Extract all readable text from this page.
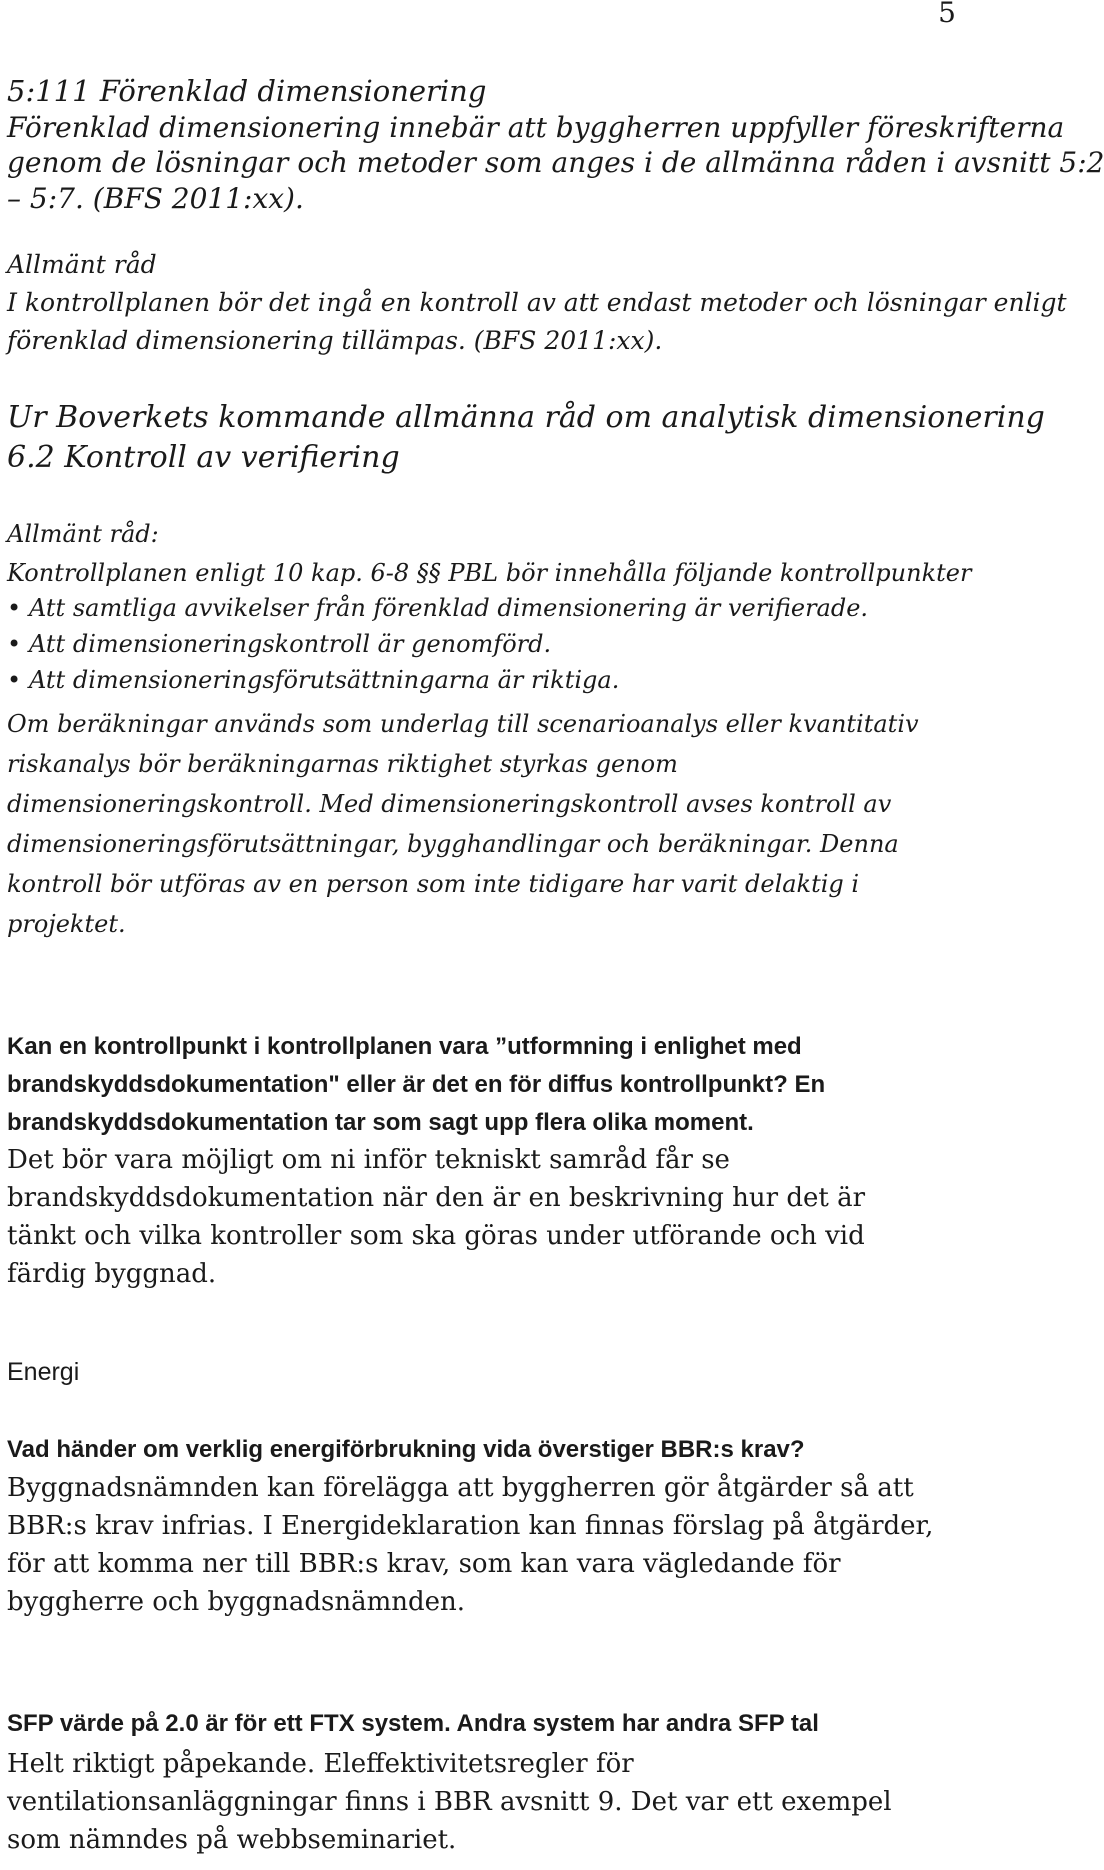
5
5:111 Förenklad dimensionering
Förenklad dimensionering innebär att byggherren uppfyller föreskrifterna
genom de lösningar och metoder som anges i de allmänna råden i avsnitt 5:2
– 5:7. (BFS 2011:xx).
Allmänt råd
I kontrollplanen bör det ingå en kontroll av att endast metoder och lösningar enligt
förenklad dimensionering tillämpas. (BFS 2011:xx).
Ur Boverkets kommande allmänna råd om analytisk dimensionering
6.2 Kontroll av verifiering
Allmänt råd:
Kontrollplanen enligt 10 kap. 6-8 §§ PBL bör innehålla följande kontrollpunkter
• Att samtliga avvikelser från förenklad dimensionering är verifierade.
• Att dimensioneringskontroll är genomförd.
• Att dimensioneringsförutsättningarna är riktiga.
Om beräkningar används som underlag till scenarioanalys eller kvantitativ riskanalys bör beräkningarnas riktighet styrkas genom dimensioneringskontroll. Med dimensioneringskontroll avses kontroll av dimensioneringsförutsättningar, bygghandlingar och beräkningar. Denna kontroll bör utföras av en person som inte tidigare har varit delaktig i projektet.
Kan en kontrollpunkt i kontrollplanen vara ”utformning i enlighet med brandskyddsdokumentation" eller är det en för diffus kontrollpunkt? En brandskyddsdokumentation tar som sagt upp flera olika moment.
Det bör vara möjligt om ni inför tekniskt samråd får se brandskyddsdokumentation när den är en beskrivning hur det är tänkt och vilka kontroller som ska göras under utförande och vid färdig byggnad.
Energi
Vad händer om verklig energiförbrukning vida överstiger BBR:s krav?
Byggnadsnämnden kan förelägga att byggherren gör åtgärder så att BBR:s krav infrias. I Energideklaration kan finnas förslag på åtgärder, för att komma ner till BBR:s krav, som kan vara vägledande för byggherre och byggnadsnämnden.
SFP värde på 2.0 är för ett FTX system. Andra system har andra SFP tal
Helt riktigt påpekande. Eleffektivitetsregler för ventilationsanläggningar finns i BBR avsnitt 9. Det var ett exempel som nämndes på webbseminariet.
